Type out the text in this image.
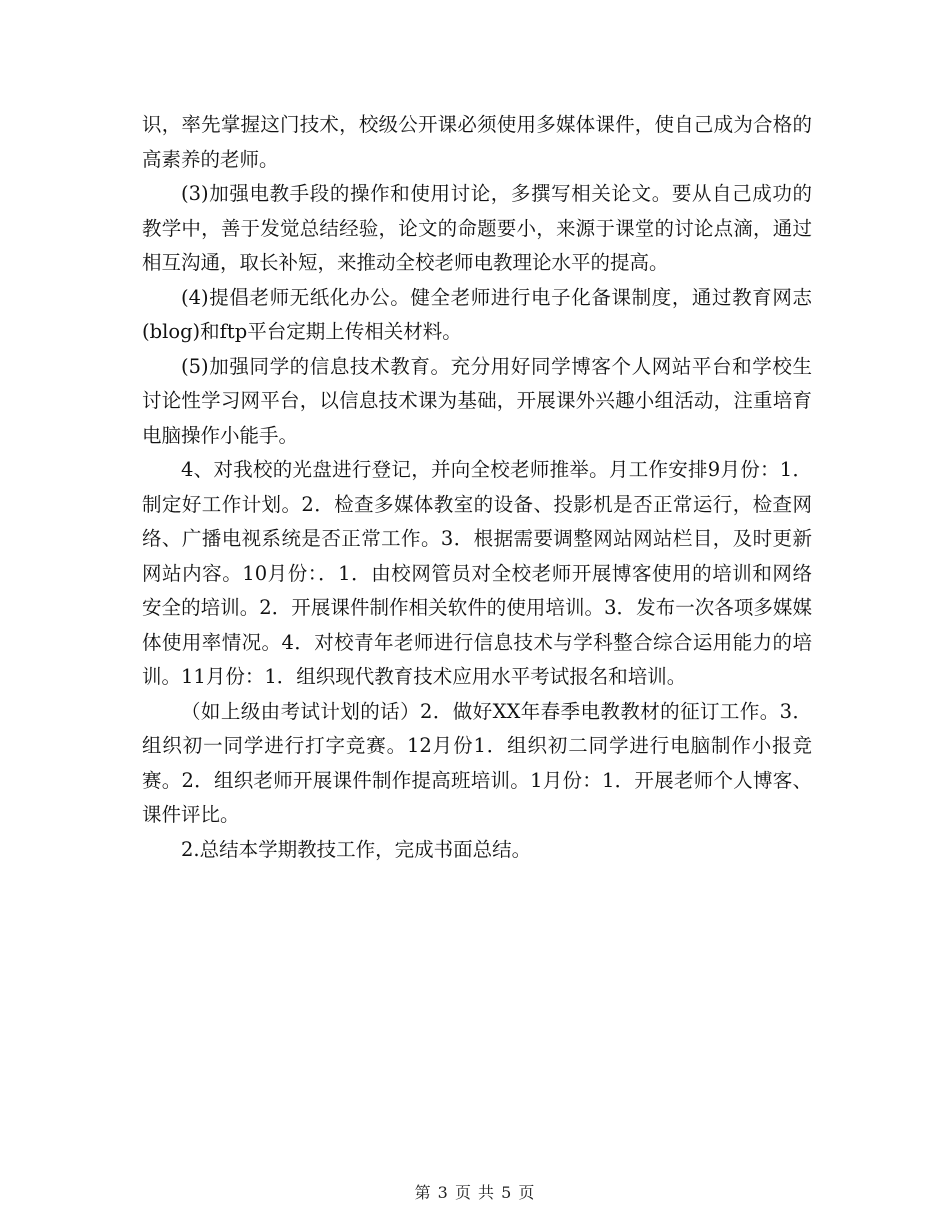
识，率先掌握这门技术，校级公开课必须使用多媒体课件，使自己成为合格的高素养的老师。

(3)加强电教手段的操作和使用讨论，多撰写相关论文。要从自己成功的教学中，善于发觉总结经验，论文的命题要小，来源于课堂的讨论点滴，通过相互沟通，取长补短，来推动全校老师电教理论水平的提高。

(4)提倡老师无纸化办公。健全老师进行电子化备课制度，通过教育网志(blog)和ftp平台定期上传相关材料。

(5)加强同学的信息技术教育。充分用好同学博客个人网站平台和学校生讨论性学习网平台，以信息技术课为基础，开展课外兴趣小组活动，注重培育电脑操作小能手。

4、对我校的光盘进行登记，并向全校老师推举。月工作安排9月份：1．制定好工作计划。2．检查多媒体教室的设备、投影机是否正常运行，检查网络、广播电视系统是否正常工作。3．根据需要调整网站网站栏目，及时更新网站内容。10月份：．1．由校网管员对全校老师开展博客使用的培训和网络安全的培训。2．开展课件制作相关软件的使用培训。3．发布一次各项多媒媒体使用率情况。4．对校青年老师进行信息技术与学科整合综合运用能力的培训。11月份：1．组织现代教育技术应用水平考试报名和培训。

（如上级由考试计划的话）2．做好XX年春季电教教材的征订工作。3．组织初一同学进行打字竞赛。12月份1．组织初二同学进行电脑制作小报竞赛。2．组织老师开展课件制作提高班培训。1月份：1．开展老师个人博客、课件评比。

2.总结本学期教技工作，完成书面总结。

第 3 页 共 5 页
